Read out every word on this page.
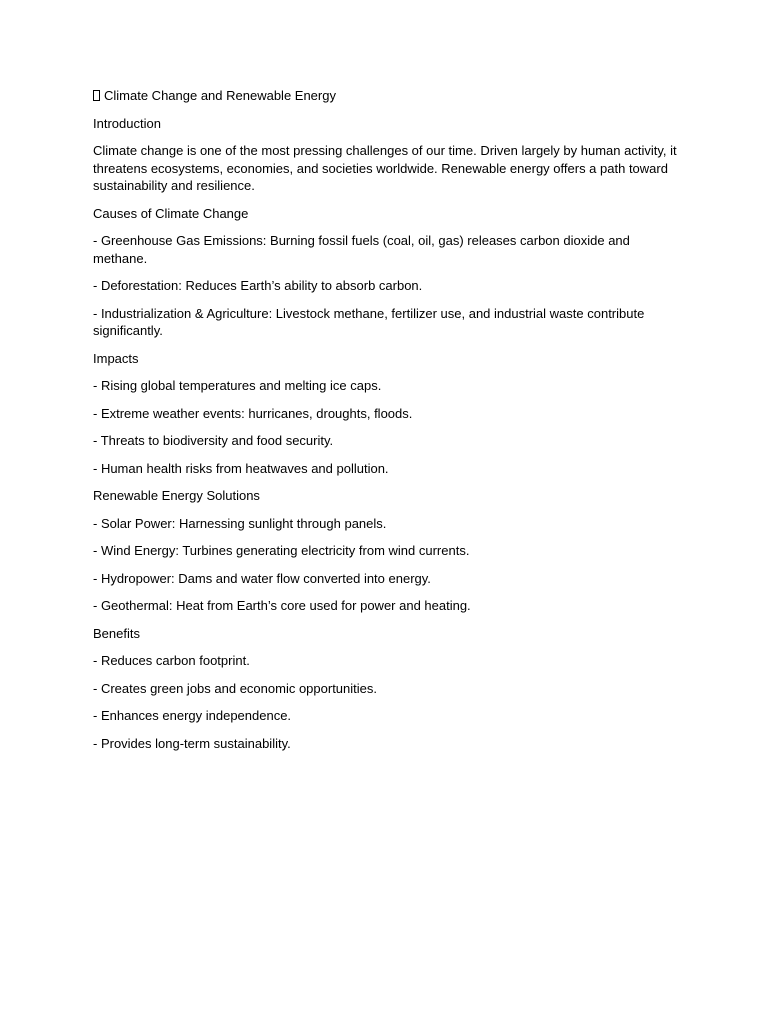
Climate Change and Renewable Energy

Introduction

Climate change is one of the most pressing challenges of our time. Driven largely by human activity, it threatens ecosystems, economies, and societies worldwide. Renewable energy offers a path toward sustainability and resilience.

Causes of Climate Change

- Greenhouse Gas Emissions: Burning fossil fuels (coal, oil, gas) releases carbon dioxide and methane.

- Deforestation: Reduces Earth’s ability to absorb carbon.

- Industrialization & Agriculture: Livestock methane, fertilizer use, and industrial waste contribute significantly.

Impacts

- Rising global temperatures and melting ice caps.

- Extreme weather events: hurricanes, droughts, floods.

- Threats to biodiversity and food security.

- Human health risks from heatwaves and pollution.

Renewable Energy Solutions

- Solar Power: Harnessing sunlight through panels.

- Wind Energy: Turbines generating electricity from wind currents.

- Hydropower: Dams and water flow converted into energy.

- Geothermal: Heat from Earth’s core used for power and heating.

Benefits

- Reduces carbon footprint.

- Creates green jobs and economic opportunities.

- Enhances energy independence.

- Provides long-term sustainability.
